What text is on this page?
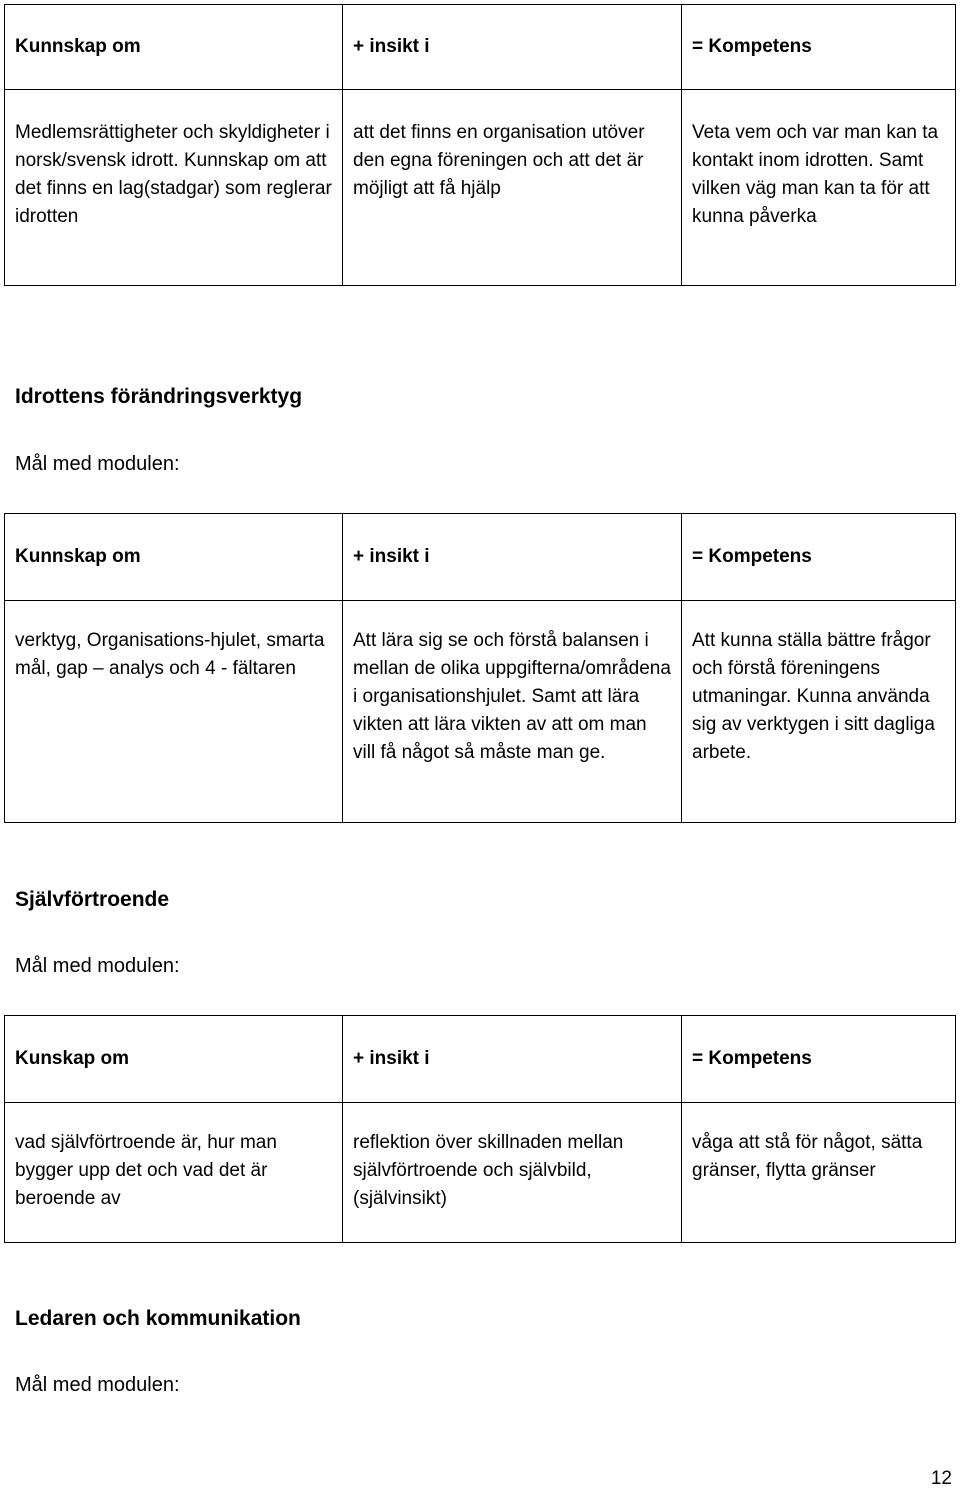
Kunnskap om	+ insikt i	= Kompetens
Medlemsrättigheter och skyldigheter i norsk/svensk idrott. Kunnskap om att det finns en lag(stadgar) som reglerar idrotten	att det finns en organisation utöver den egna föreningen och att det är möjligt att få hjälp	Veta vem och var man kan ta kontakt inom idrotten. Samt vilken väg man kan ta för att kunna påverka
Idrottens förändringsverktyg
Mål med modulen:
Kunnskap om	+ insikt i	= Kompetens
verktyg, Organisations-hjulet, smarta mål, gap – analys och 4 - fältaren	Att lära sig se och förstå balansen i mellan de olika uppgifterna/områdena i organisationshjulet. Samt att lära vikten att lära vikten av att om man vill få något så måste man ge.	Att kunna ställa bättre frågor och förstå föreningens utmaningar. Kunna använda sig av verktygen i sitt dagliga arbete.
Självförtroende
Mål med modulen:
Kunskap om	+ insikt i	= Kompetens
vad självförtroende är, hur man bygger upp det och vad det är beroende av	reflektion över skillnaden mellan självförtroende och självbild, (självinsikt)	våga att stå för något, sätta gränser, flytta gränser
Ledaren och kommunikation
Mål med modulen:
12
